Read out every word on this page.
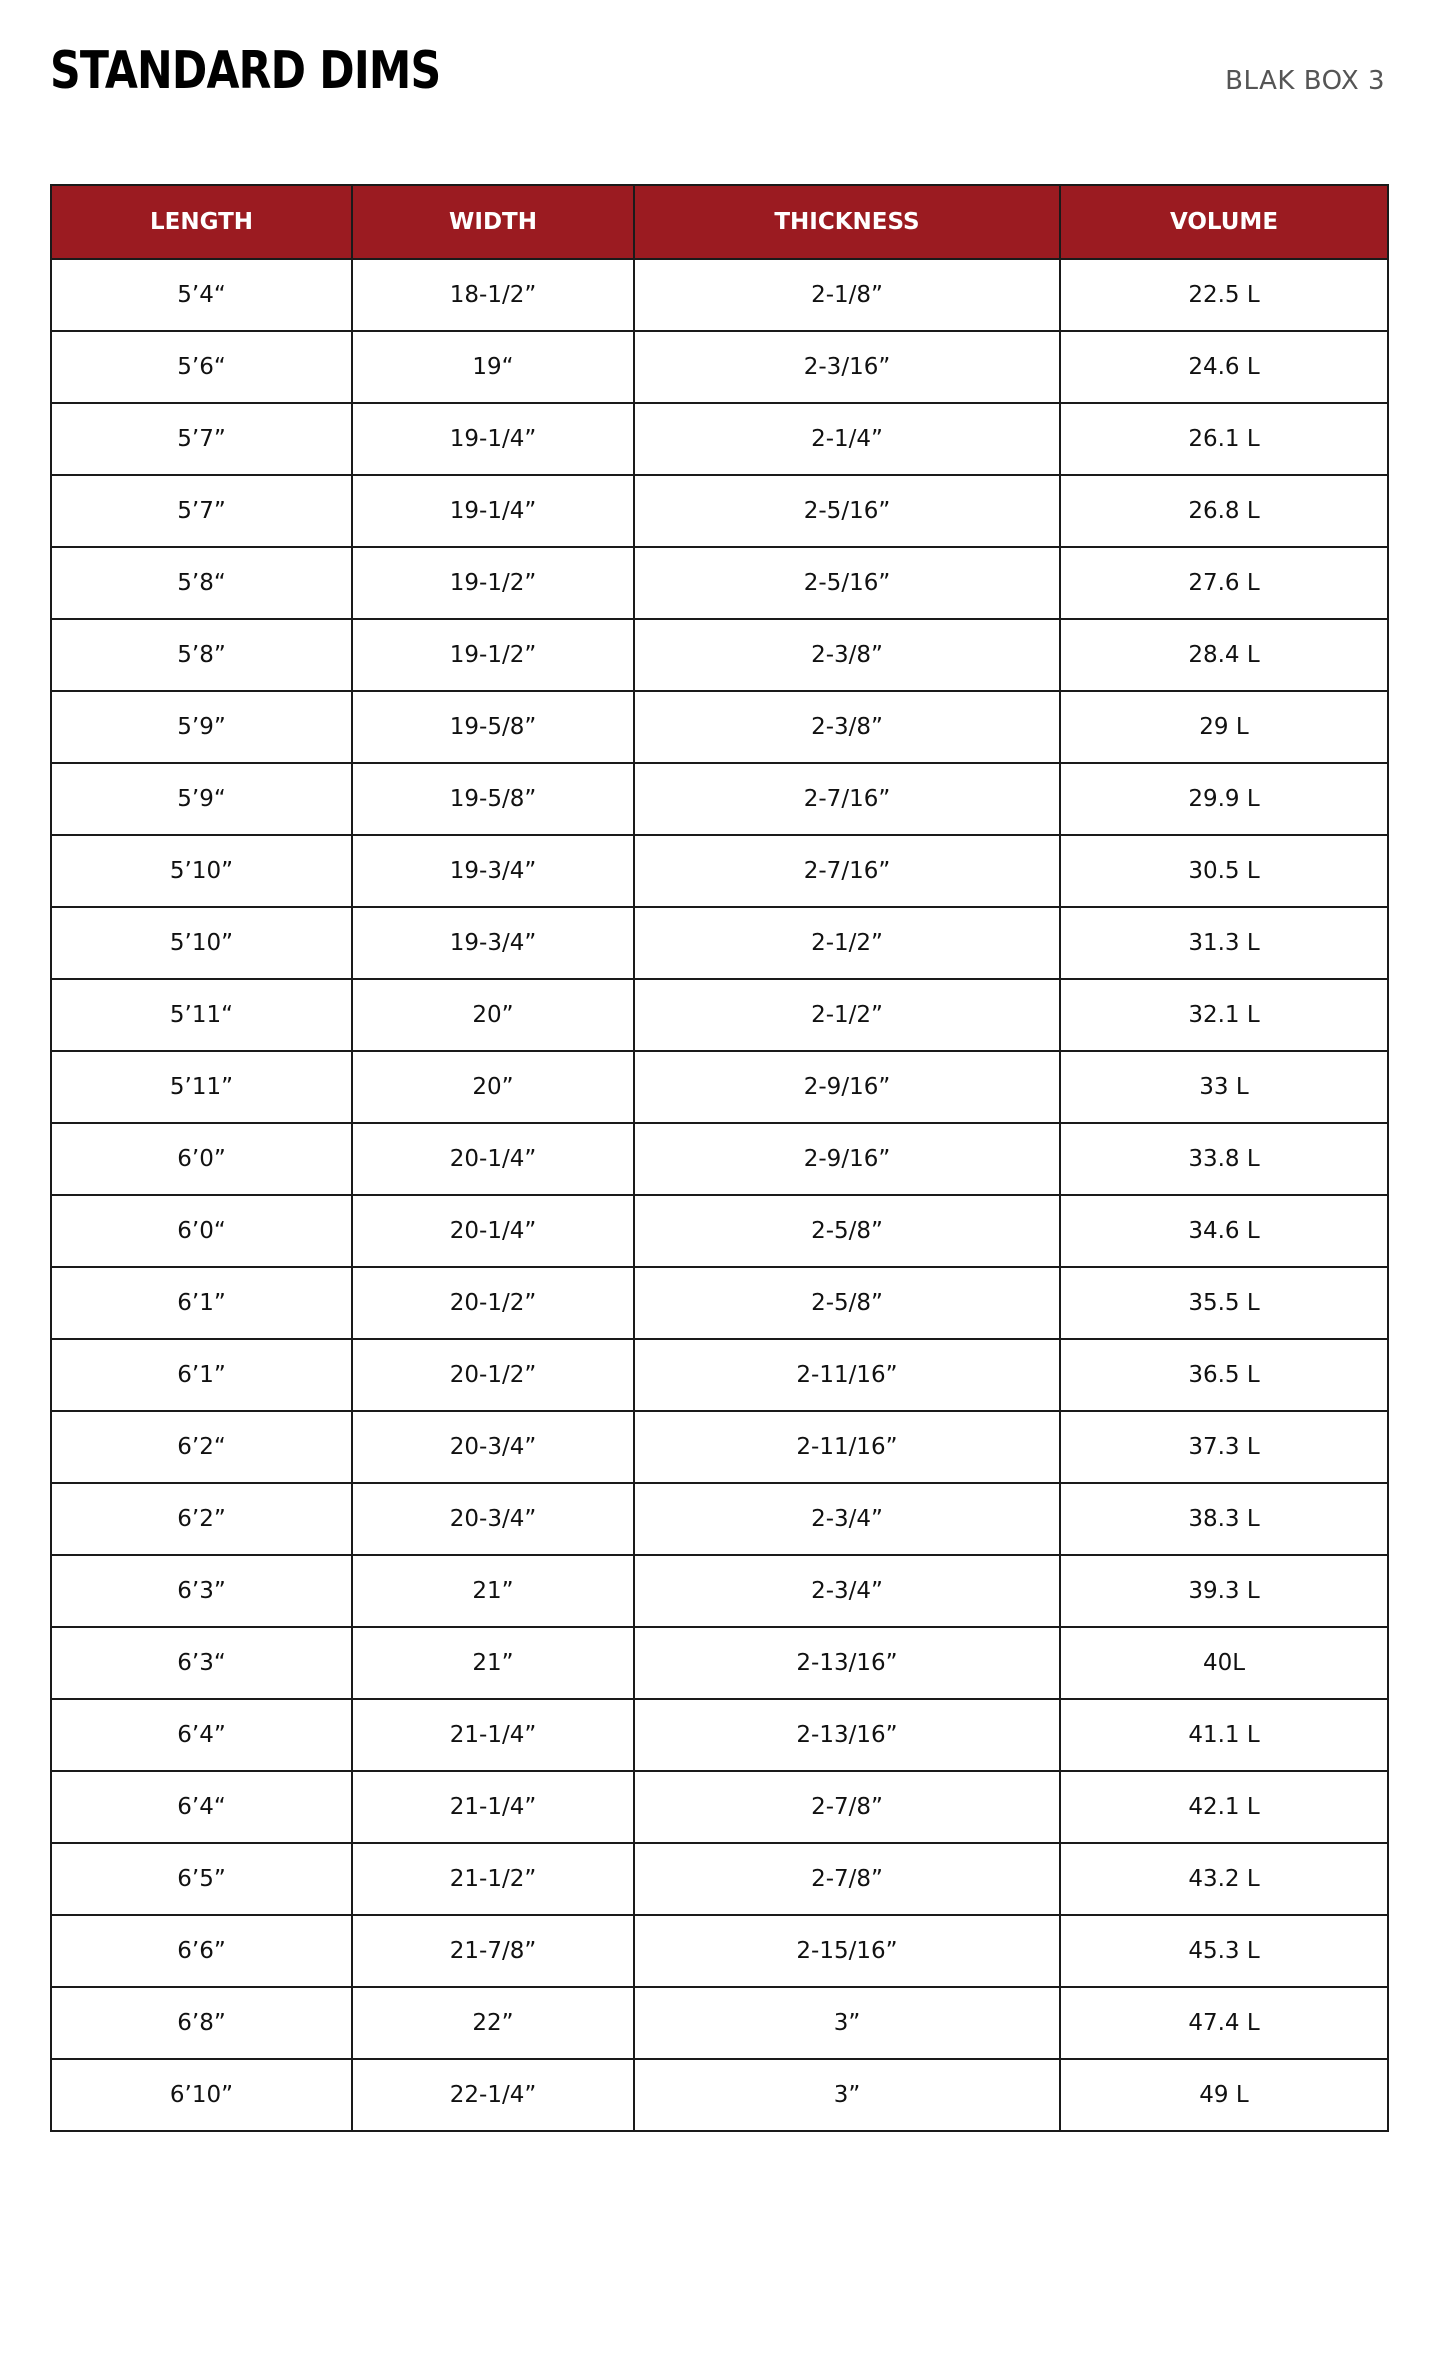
STANDARD DIMS	BLAK BOX 3
LENGTH	WIDTH	THICKNESS	VOLUME
5’4“	18-1/2”	2-1/8”	22.5 L
5’6“	19“	2-3/16”	24.6 L
5’7”	19-1/4”	2-1/4”	26.1 L
5’7”	19-1/4”	2-5/16”	26.8 L
5’8“	19-1/2”	2-5/16”	27.6 L
5’8”	19-1/2”	2-3/8”	28.4 L
5’9”	19-5/8”	2-3/8”	29 L
5’9“	19-5/8”	2-7/16”	29.9 L
5’10”	19-3/4”	2-7/16”	30.5 L
5’10”	19-3/4”	2-1/2”	31.3 L
5’11“	20”	2-1/2”	32.1 L
5’11”	20”	2-9/16”	33 L
6’0”	20-1/4”	2-9/16”	33.8 L
6’0“	20-1/4”	2-5/8”	34.6 L
6’1”	20-1/2”	2-5/8”	35.5 L
6’1”	20-1/2”	2-11/16”	36.5 L
6’2“	20-3/4”	2-11/16”	37.3 L
6’2”	20-3/4”	2-3/4”	38.3 L
6’3”	21”	2-3/4”	39.3 L
6’3“	21”	2-13/16”	40L
6’4”	21-1/4”	2-13/16”	41.1 L
6’4“	21-1/4”	2-7/8”	42.1 L
6’5”	21-1/2”	2-7/8”	43.2 L
6’6”	21-7/8”	2-15/16”	45.3 L
6’8”	22”	3”	47.4 L
6’10”	22-1/4”	3”	49 L
